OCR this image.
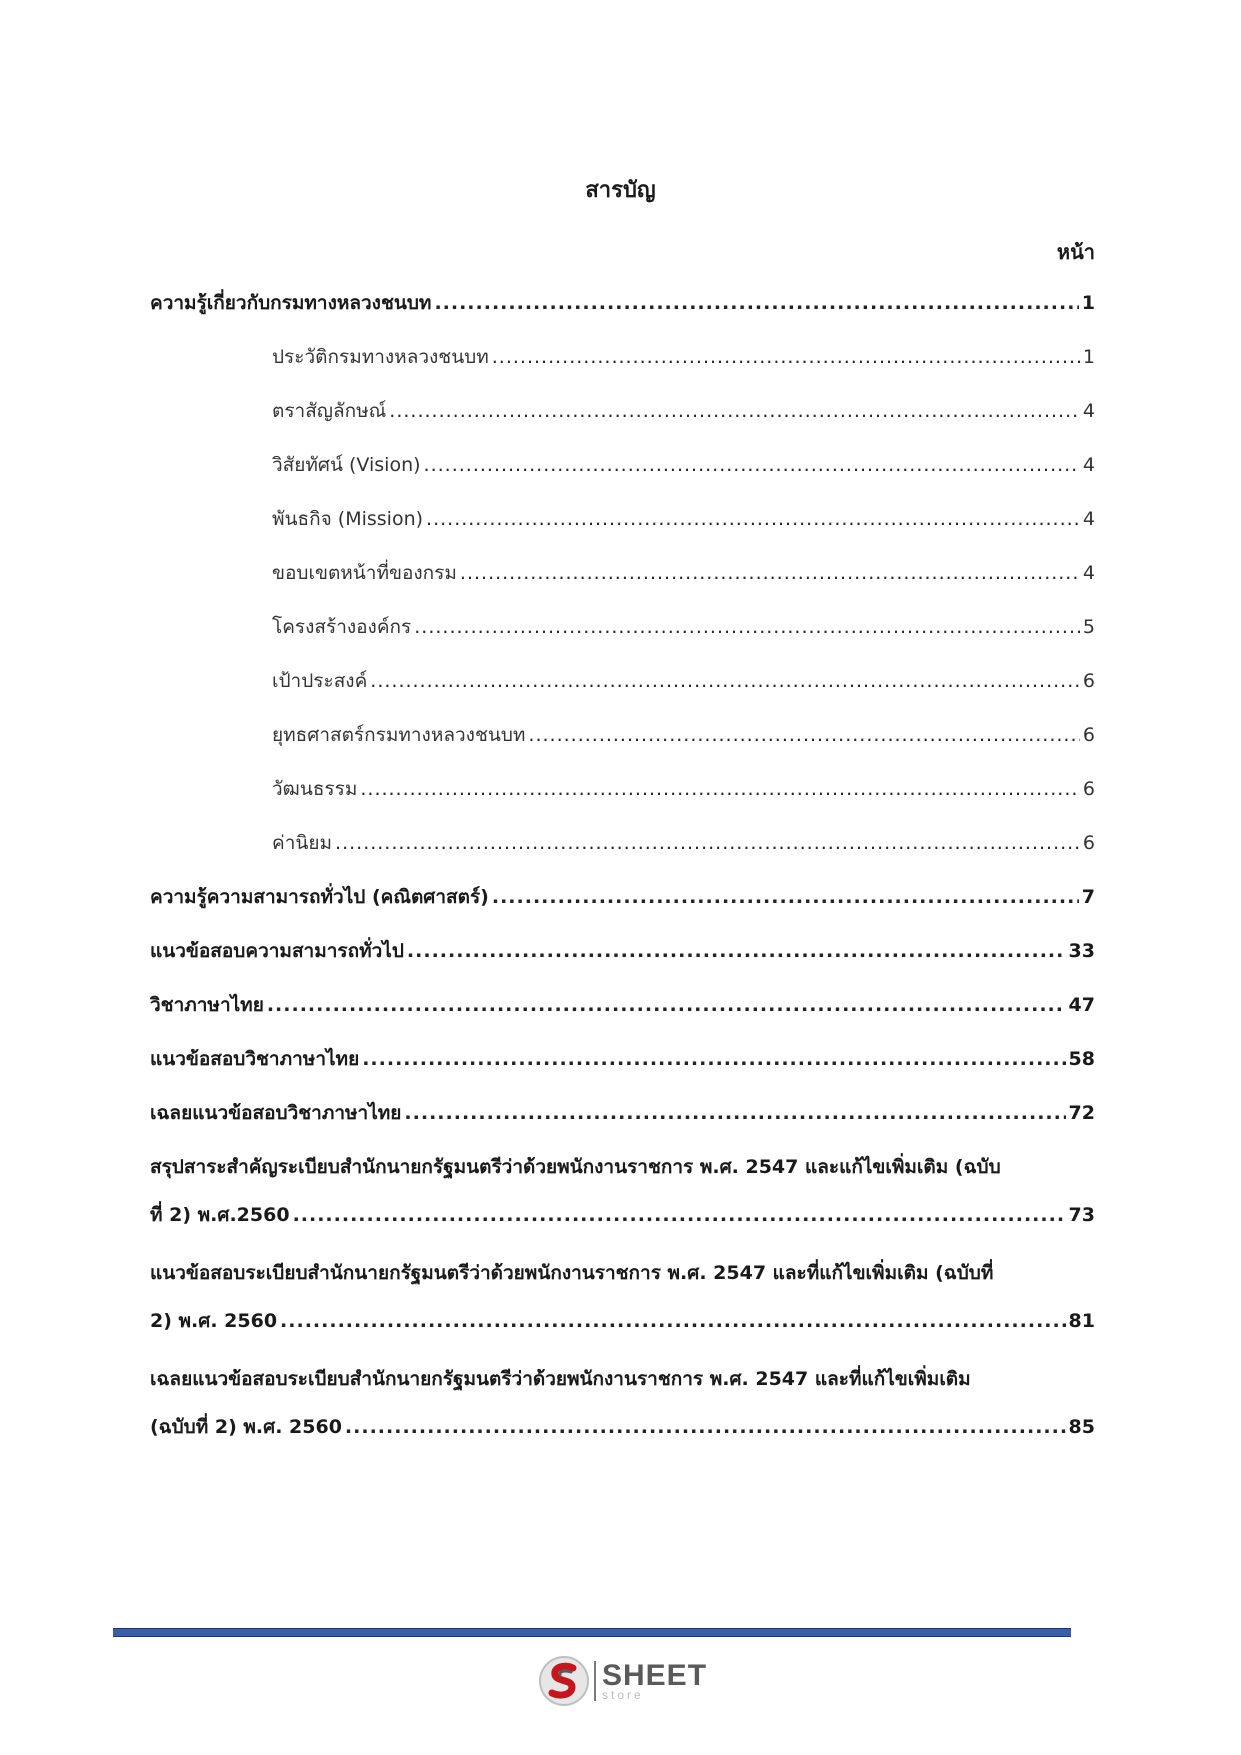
สารบัญ
หน้า
ความรู้เกี่ยวกับกรมทางหลวงชนบท .....	1
ประวัติกรมทางหลวงชนบท .....	1
ตราสัญลักษณ์ .....	4
วิสัยทัศน์ (Vision) .....	4
พันธกิจ (Mission) .....	4
ขอบเขตหน้าที่ของกรม .....	4
โครงสร้างองค์กร .....	5
เป้าประสงค์ .....	6
ยุทธศาสตร์กรมทางหลวงชนบท .....	6
วัฒนธรรม .....	6
ค่านิยม .....	6
ความรู้ความสามารถทั่วไป (คณิตศาสตร์) .....	7
แนวข้อสอบความสามารถทั่วไป .....	33
วิชาภาษาไทย .....	47
แนวข้อสอบวิชาภาษาไทย .....	58
เฉลยแนวข้อสอบวิชาภาษาไทย .....	72
สรุปสาระสำคัญระเบียบสำนักนายกรัฐมนตรีว่าด้วยพนักงานราชการ พ.ศ. 2547 และแก้ไขเพิ่มเติม (ฉบับ
ที่ 2) พ.ศ.2560 .....	73
แนวข้อสอบระเบียบสำนักนายกรัฐมนตรีว่าด้วยพนักงานราชการ พ.ศ. 2547 และที่แก้ไขเพิ่มเติม (ฉบับที่
2) พ.ศ. 2560 .....	81
เฉลยแนวข้อสอบระเบียบสำนักนายกรัฐมนตรีว่าด้วยพนักงานราชการ พ.ศ. 2547 และที่แก้ไขเพิ่มเติม
(ฉบับที่ 2) พ.ศ. 2560 .....	85
SHEET
store
